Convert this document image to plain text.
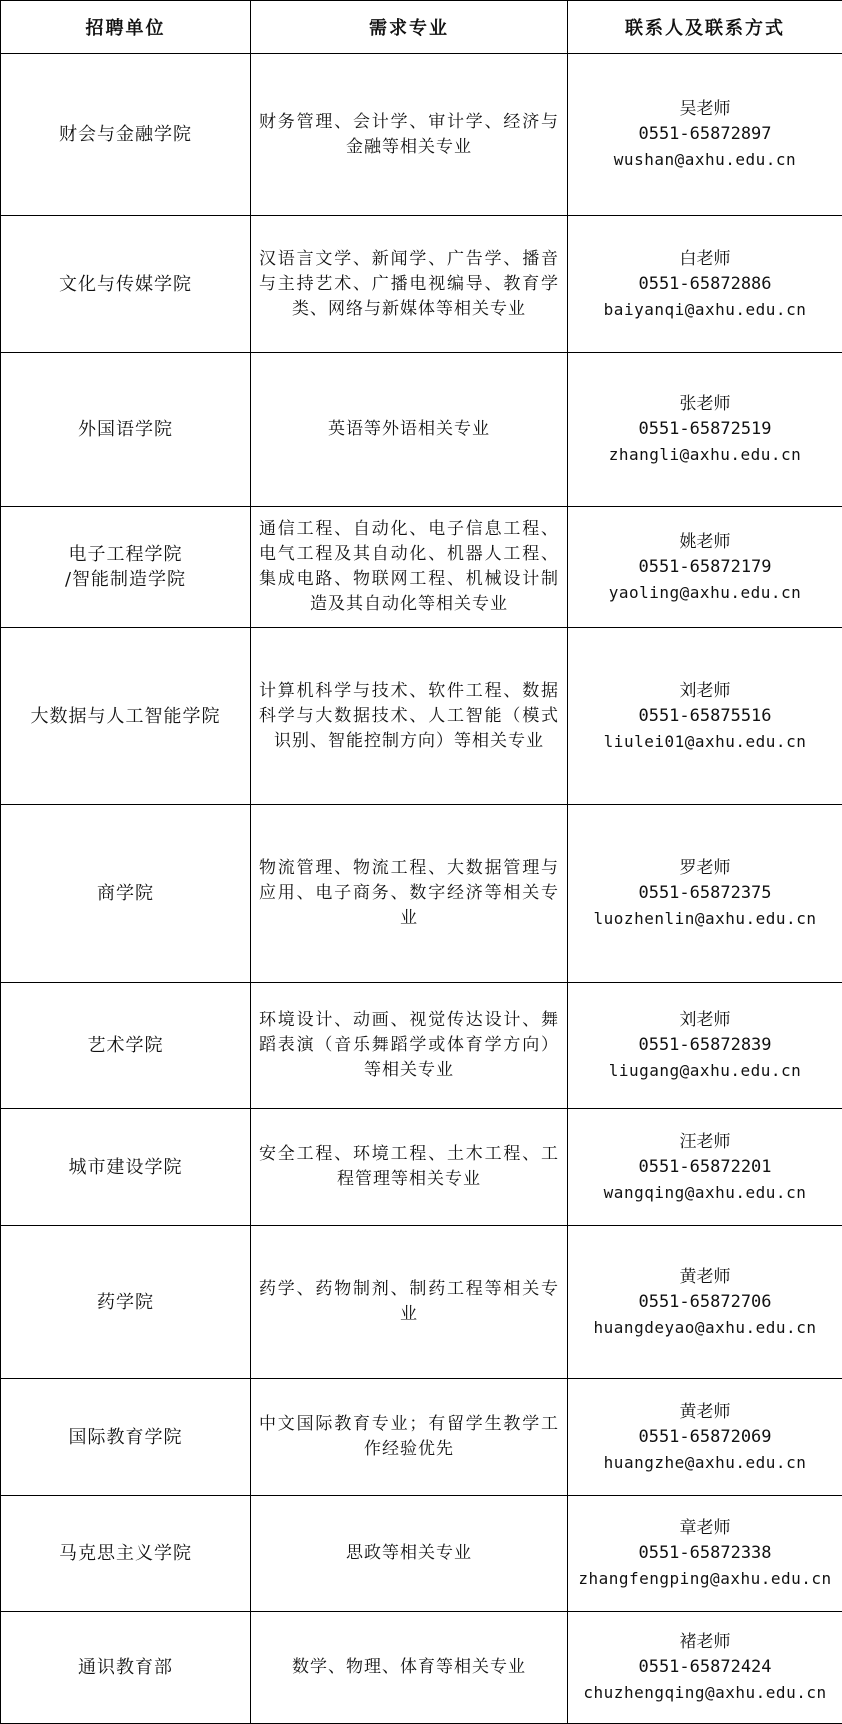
招聘单位	需求专业	联系人及联系方式

财会与金融学院	财务管理、会计学、审计学、经济与金融等相关专业	吴老师
0551-65872897
wushan@axhu.edu.cn

文化与传媒学院	汉语言文学、新闻学、广告学、播音与主持艺术、广播电视编导、教育学类、网络与新媒体等相关专业	白老师
0551-65872886
baiyanqi@axhu.edu.cn

外国语学院	英语等外语相关专业	张老师
0551-65872519
zhangli@axhu.edu.cn

电子工程学院
/智能制造学院	通信工程、自动化、电子信息工程、电气工程及其自动化、机器人工程、集成电路、物联网工程、机械设计制造及其自动化等相关专业	姚老师
0551-65872179
yaoling@axhu.edu.cn

大数据与人工智能学院	计算机科学与技术、软件工程、数据科学与大数据技术、人工智能（模式识别、智能控制方向）等相关专业	刘老师
0551-65875516
liulei01@axhu.edu.cn

商学院	物流管理、物流工程、大数据管理与应用、电子商务、数字经济等相关专业	罗老师
0551-65872375
luozhenlin@axhu.edu.cn

艺术学院	环境设计、动画、视觉传达设计、舞蹈表演（音乐舞蹈学或体育学方向）等相关专业	刘老师
0551-65872839
liugang@axhu.edu.cn

城市建设学院	安全工程、环境工程、土木工程、工程管理等相关专业	汪老师
0551-65872201
wangqing@axhu.edu.cn

药学院	药学、药物制剂、制药工程等相关专业	黄老师
0551-65872706
huangdeyao@axhu.edu.cn

国际教育学院	中文国际教育专业；有留学生教学工作经验优先	黄老师
0551-65872069
huangzhe@axhu.edu.cn

马克思主义学院	思政等相关专业	章老师
0551-65872338
zhangfengping@axhu.edu.cn

通识教育部	数学、物理、体育等相关专业	褚老师
0551-65872424
chuzhengqing@axhu.edu.cn
